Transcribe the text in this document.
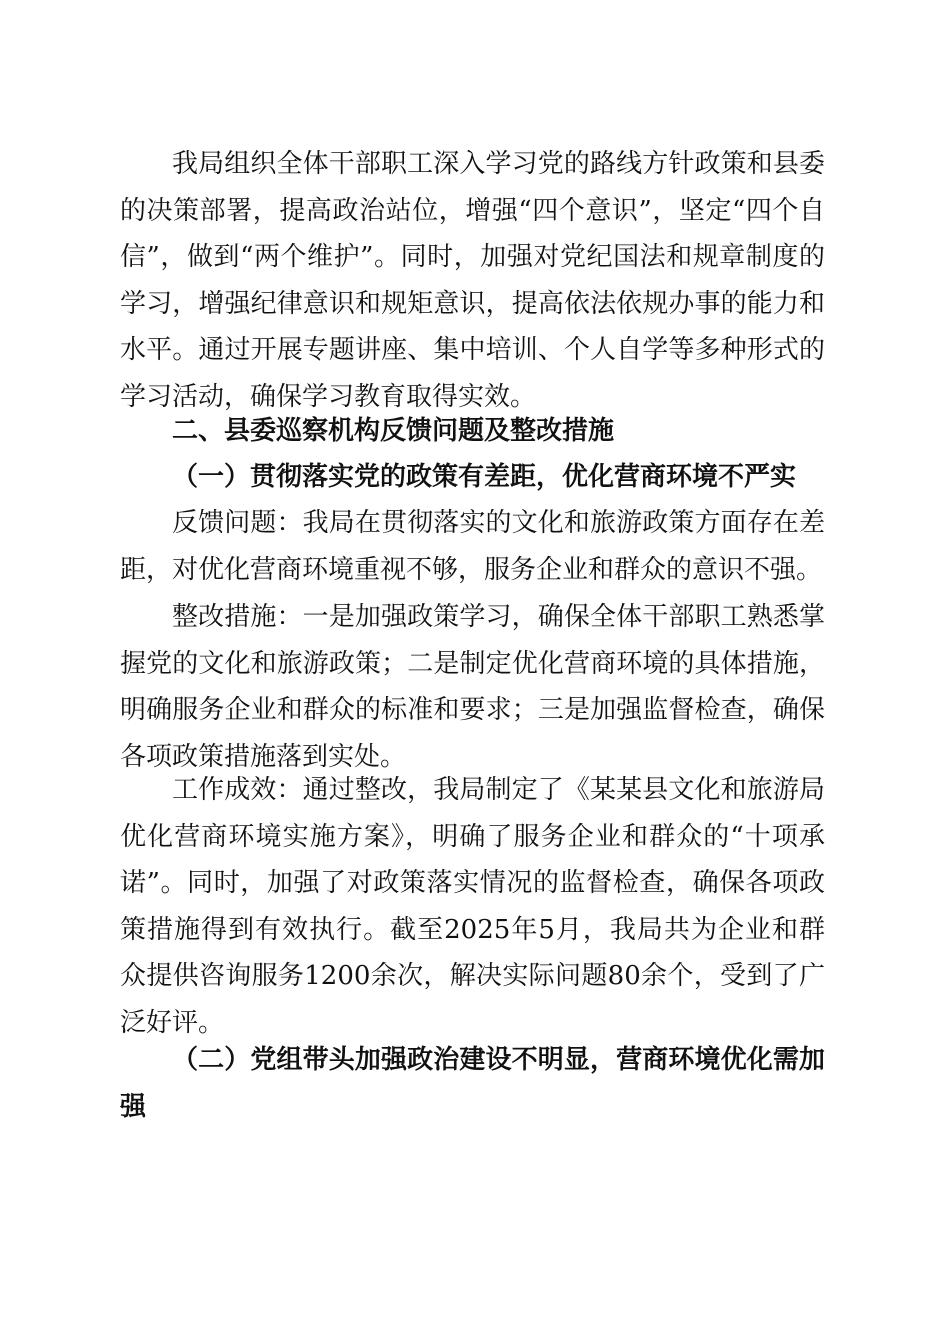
我局组织全体干部职工深入学习党的路线方针政策和县委的决策部署，提高政治站位，增强“四个意识”，坚定“四个自信”，做到“两个维护”。同时，加强对党纪国法和规章制度的学习，增强纪律意识和规矩意识，提高依法依规办事的能力和水平。通过开展专题讲座、集中培训、个人自学等多种形式的学习活动，确保学习教育取得实效。

二、县委巡察机构反馈问题及整改措施

（一）贯彻落实党的政策有差距，优化营商环境不严实

反馈问题：我局在贯彻落实的文化和旅游政策方面存在差距，对优化营商环境重视不够，服务企业和群众的意识不强。

整改措施：一是加强政策学习，确保全体干部职工熟悉掌握党的文化和旅游政策；二是制定优化营商环境的具体措施，明确服务企业和群众的标准和要求；三是加强监督检查，确保各项政策措施落到实处。

工作成效：通过整改，我局制定了《某某县文化和旅游局优化营商环境实施方案》，明确了服务企业和群众的“十项承诺”。同时，加强了对政策落实情况的监督检查，确保各项政策措施得到有效执行。截至2025年5月，我局共为企业和群众提供咨询服务1200余次，解决实际问题80余个，受到了广泛好评。

（二）党组带头加强政治建设不明显，营商环境优化需加强
